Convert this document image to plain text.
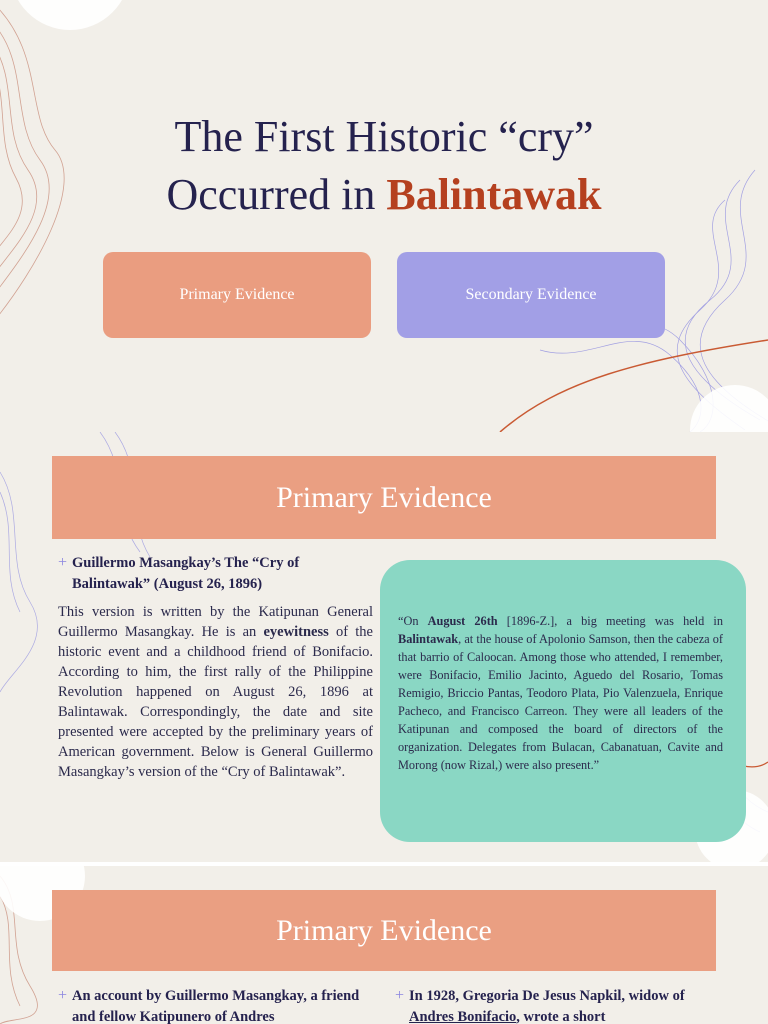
The First Historic “cry”
Occurred in Balintawak
Primary Evidence	Secondary Evidence
Primary Evidence
+ Guillermo Masangkay’s The “Cry of Balintawak” (August 26, 1896)

This version is written by the Katipunan General Guillermo Masangkay. He is an eyewitness of the historic event and a childhood friend of Bonifacio. According to him, the first rally of the Philippine Revolution happened on August 26, 1896 at Balintawak. Correspondingly, the date and site presented were accepted by the preliminary years of American government. Below is General Guillermo Masangkay’s version of the “Cry of Balintawak”.

“On August 26th [1896-Z.], a big meeting was held in Balintawak, at the house of Apolonio Samson, then the cabeza of that barrio of Caloocan. Among those who attended, I remember, were Bonifacio, Emilio Jacinto, Aguedo del Rosario, Tomas Remigio, Briccio Pantas, Teodoro Plata, Pio Valenzuela, Enrique Pacheco, and Francisco Carreon. They were all leaders of the Katipunan and composed the board of directors of the organization. Delegates from Bulacan, Cabanatuan, Cavite and Morong (now Rizal,) were also present.”

Primary Evidence
+ An account by Guillermo Masangkay, a friend and fellow Katipunero of Andres
+ In 1928, Gregoria De Jesus Napkil, widow of Andres Bonifacio, wrote a short
